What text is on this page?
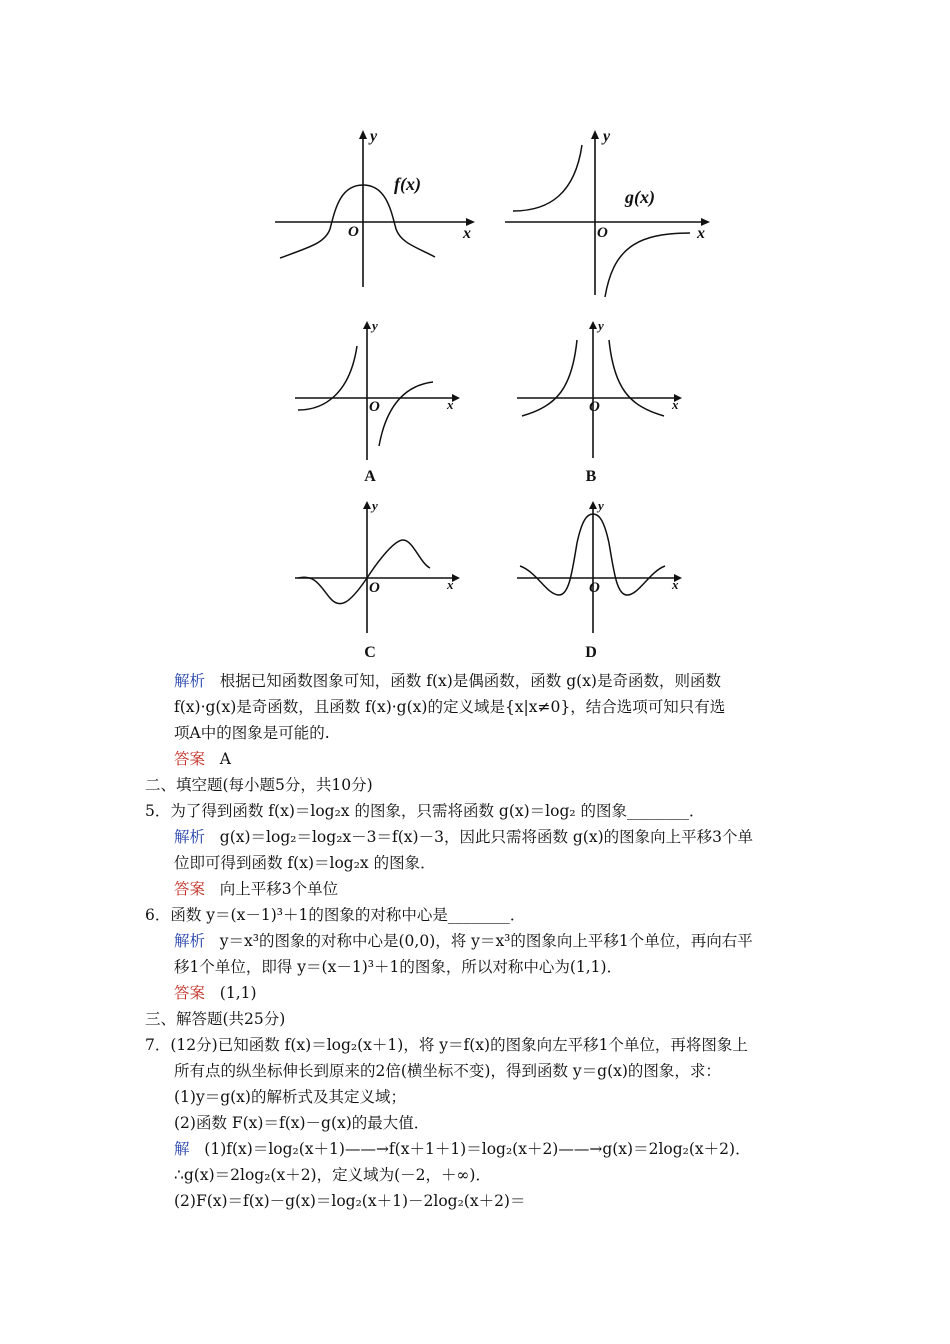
y
x
O
f(x)
y
x
O
g(x)
y
x
O
A
y
x
O
B
y
x
O
C
y
x
O
D
解析 根据已知函数图象可知，函数 f(x)是偶函数，函数 g(x)是奇函数，则函数
f(x)·g(x)是奇函数，且函数 f(x)·g(x)的定义域是{x|x≠0}，结合选项可知只有选
项A中的图象是可能的.
答案 A
二、填空题(每小题5分，共10分)
5．为了得到函数 f(x)＝log₂x 的图象，只需将函数 g(x)＝log₂ 的图象________．
解析 g(x)＝log₂＝log₂x－3＝f(x)－3，因此只需将函数 g(x)的图象向上平移3个单
位即可得到函数 f(x)＝log₂x 的图象．
答案 向上平移3个单位
6．函数 y＝(x－1)³＋1的图象的对称中心是________．
解析 y＝x³的图象的对称中心是(0,0)，将 y＝x³的图象向上平移1个单位，再向右平
移1个单位，即得 y＝(x－1)³＋1的图象，所以对称中心为(1,1)．
答案 (1,1)
三、解答题(共25分)
7．(12分)已知函数 f(x)＝log₂(x＋1)，将 y＝f(x)的图象向左平移1个单位，再将图象上
所有点的纵坐标伸长到原来的2倍(横坐标不变)，得到函数 y＝g(x)的图象，求：
(1)y＝g(x)的解析式及其定义域；
(2)函数 F(x)＝f(x)－g(x)的最大值．
解 (1)f(x)＝log₂(x＋1)——→f(x＋1＋1)＝log₂(x＋2)——→g(x)＝2log₂(x＋2)．
∴g(x)＝2log₂(x＋2)，定义域为(－2，＋∞)．
(2)F(x)＝f(x)－g(x)＝log₂(x＋1)－2log₂(x＋2)＝
